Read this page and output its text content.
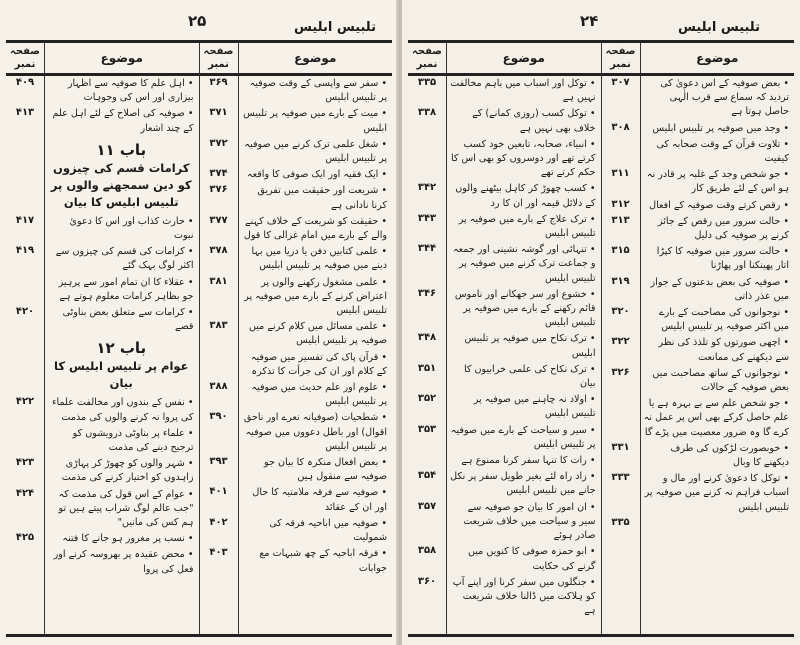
تلبیس ابلیس
۲۵
موضوع
صفحہ نمبر
• سفر سے واپسی کے وقت صوفیہ پر تلبیس ابلیس
۳۶۹
• میت کے بارے میں صوفیہ پر تلبیس ابلیس
۳۷۱
• شغل علمی ترک کرنے میں صوفیہ پر تلبیس ابلیس
۳۷۲
• ایک فقیہ اور ایک صوفی کا واقعہ
۳۷۴
• شریعت اور حقیقت میں تفریق کرنا نادانی ہے
۳۷۶
• حقیقت کو شریعت کے خلاف کہنے والے کے بارے میں امام غزالی کا قول
۳۷۷
• علمی کتابیں دفن یا دریا میں بہا دینے میں صوفیہ پر تلبیس ابلیس
۳۷۸
• علمی مشغول رکھنے والوں پر اعتراض کرنے کے بارے میں صوفیہ پر تلبیس ابلیس
۳۸۱
• علمی مسائل میں کلام کرنے میں صوفیہ پر تلبیس ابلیس
۳۸۳
• قرآن پاک کی تفسیر میں صوفیہ کے کلام اور ان کی جرأت کا تذکرہ
• علوم اور علم حدیث میں صوفیہ پر تلبیس ابلیس
۳۸۸
• شطحیات (صوفیانہ نعرے اور ناحق اقوال) اور باطل دعووں میں صوفیہ پر تلبیس ابلیس
۳۹۰
• بعض افعال منکرہ کا بیان جو صوفیہ سے منقول ہیں
۳۹۳
• صوفیہ سے فرقہ ملامتیہ کا حال اور ان کے عقائد
۴۰۱
• صوفیہ میں اباحیہ فرقہ کی شمولیت
۴۰۲
• فرقہ اباحیہ کے چھ شبہات مع جوابات
۴۰۳
موضوع
صفحہ نمبر
• اہل علم کا صوفیہ سے اظہار بیزاری اور اس کی وجوہات
۴۰۹
• صوفیہ کی اصلاح کے لئے اہل علم کے چند اشعار
۴۱۳
باب ۱۱
کرامات قسم کی چیزوں کو دین سمجھنے والوں پر تلبیس ابلیس کا بیان
• حارث کذاب اور اس کا دعوئ نبوت
۴۱۷
• کرامات کی قسم کی چیزوں سے اکثر لوگ بہک گئے
۴۱۹
• عقلاء کا ان تمام امور سے پرہیز جو بظاہر کرامات معلوم ہوتے ہے
• کرامات سے متعلق بعض بناوٹی قصے
۴۲۰
باب ۱۲
عوام پر تلبیس ابلیس کا بیان
• نفس کے بندوں اور مخالفت علماء کی پروا نہ کرنے والوں کی مذمت
۴۲۲
• علماء پر بناوٹی درویشوں کو ترجیح دینے کی مذمت
• شہر والوں کو چھوڑ کر پہاڑی زاہدوں کو اختیار کرنے کی مذمت
۴۲۳
• عوام کے اس قول کی مذمت کہ "جب عالم لوگ شراب پیتے ہیں تو ہم کس کی مانیں"
۴۲۴
• نسب پر مغرور ہو جانے کا فتنہ
۴۲۵
• محض عقیدہ پر بھروسہ کرنے اور فعل کی پروا
تلبیس ابلیس
۲۴
موضوع
صفحہ نمبر
• بعض صوفیہ کے اس دعویٰ کی تردید کہ سماع سے قرب الٰہی حاصل ہوتا ہے
۳۰۷
• وجد میں صوفیہ پر تلبیس ابلیس
۳۰۸
• تلاوت قرآن کے وقت صحابہ کی کیفیت
• جو شخص وجد کے غلبہ پر قادر نہ ہو اس کے لئے طریق کار
۳۱۱
• رقص کرتے وقت صوفیہ کے افعال
۳۱۲
• حالت سرور میں رقص کے جائز کرنے پر صوفیہ کی دلیل
۳۱۳
• حالت سرور میں صوفیہ کا کپڑا اتار پھینکنا اور پھاڑنا
۳۱۵
• صوفیہ کی بعض بدعتوں کے جواز میں عذر ذاتی
۳۱۹
• نوجوانوں کی مصاحبت کے بارے میں اکثر صوفیہ پر تلبیس ابلیس
۳۲۰
• اچھی صورتوں کو تلذذ کی نظر سے دیکھنے کی ممانعت
۳۲۲
• نوجوانوں کے ساتھ مصاحبت میں بعض صوفیہ کے حالات
۳۲۶
• جو شخص علم سے بے بہرہ ہے یا علم حاصل کرکے بھی اس پر عمل نہ کرے گا وہ ضرور معصیت میں پڑے گا
• خوبصورت لڑکوں کی طرف دیکھنے کا وبال
۳۳۱
• توکل کا دعویٰ کرنے اور مال و اسباب فراہم نہ کرنے میں صوفیہ پر تلبیس ابلیس
۳۳۳
۳۳۵
موضوع
صفحہ نمبر
• توکل اور اسباب میں باہم مخالفت نہیں ہے
۳۳۵
• توکل کسب (روزی کمانے) کے خلاف بھی نہیں ہے
۳۳۸
• انبیاء، صحابہ، تابعین خود کسب کرتے تھے اور دوسروں کو بھی اس کا حکم کرتے تھے
• کسب چھوڑ کر کاہل بیٹھنے والوں کے دلائل قیمہ اور ان کا رد
۳۴۲
• ترک علاج کے بارے میں صوفیہ پر تلبیس ابلیس
۳۴۳
• تنہائی اور گوشہ نشینی اور جمعہ و جماعت ترک کرنے میں صوفیہ پر تلبیس ابلیس
۳۴۴
• خشوع اور سر جھکانے اور ناموس قائم رکھنے کے بارے میں صوفیہ پر تلبیس ابلیس
۳۴۶
• ترک نکاح میں صوفیہ پر تلبیس ابلیس
۳۴۸
• ترک نکاح کی علمی خرابیوں کا بیان
۳۵۱
• اولاد نہ چاہنے میں صوفیہ پر تلبیس ابلیس
۳۵۲
• سیر و سیاحت کے بارے میں صوفیہ پر تلبیس ابلیس
۳۵۳
• رات کا تنہا سفر کرنا ممنوع ہے
• زاد راہ لئے بغیر طویل سفر پر نکل جانے میں تلبیس ابلیس
۳۵۴
• ان امور کا بیان جو صوفیہ سے سیر و سیاحت میں خلاف شریعت صادر ہوئے
۳۵۷
• ابو حمزہ صوفی کا کنویں میں گرنے کی حکایت
۳۵۸
• جنگلوں میں سفر کرنا اور اپنے آپ کو ہلاکت میں ڈالنا خلاف شریعت ہے
۳۶۰
